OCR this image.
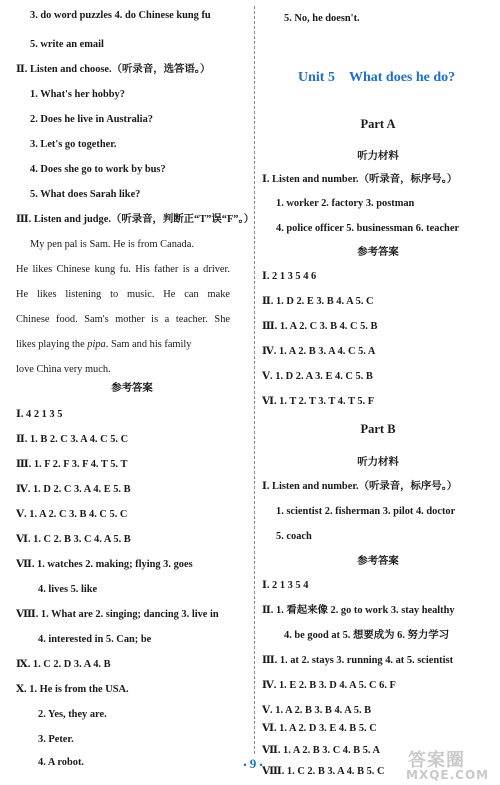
3. do word puzzles 4. do Chinese kung fu
5. write an email
Ⅱ. Listen and choose.（听录音，选答语。）
1. What's her hobby?
2. Does he live in Australia?
3. Let's go together.
4. Does she go to work by bus?
5. What does Sarah like?
Ⅲ. Listen and judge.（听录音，判断正“T”误“F”。）
My pen pal is Sam. He is from Canada.
He likes Chinese kung fu. His father is a driver.
He likes listening to music. He can make
Chinese food. Sam's mother is a teacher. She
likes playing the pipa. Sam and his family
love China very much.
参考答案
Ⅰ. 4 2 1 3 5
Ⅱ. 1. B 2. C 3. A 4. C 5. C
Ⅲ. 1. F 2. F 3. F 4. T 5. T
Ⅳ. 1. D 2. C 3. A 4. E 5. B
Ⅴ. 1. A 2. C 3. B 4. C 5. C
Ⅵ. 1. C 2. B 3. C 4. A 5. B
Ⅶ. 1. watches 2. making; flying 3. goes
4. lives 5. like
Ⅷ. 1. What are 2. singing; dancing 3. live in
4. interested in 5. Can; be
Ⅸ. 1. C 2. D 3. A 4. B
Ⅹ. 1. He is from the USA.
2. Yes, they are.
3. Peter.
4. A robot.
5. No, he doesn't.
Unit 5 What does he do?
Part A
听力材料
Ⅰ. Listen and number.（听录音，标序号。）
1. worker 2. factory 3. postman
4. police officer 5. businessman 6. teacher
参考答案
Ⅰ. 2 1 3 5 4 6
Ⅱ. 1. D 2. E 3. B 4. A 5. C
Ⅲ. 1. A 2. C 3. B 4. C 5. B
Ⅳ. 1. A 2. B 3. A 4. C 5. A
Ⅴ. 1. D 2. A 3. E 4. C 5. B
Ⅵ. 1. T 2. T 3. T 4. T 5. F
Part B
听力材料
Ⅰ. Listen and number.（听录音，标序号。）
1. scientist 2. fisherman 3. pilot 4. doctor
5. coach
参考答案
Ⅰ. 2 1 3 5 4
Ⅱ. 1. 看起来像 2. go to work 3. stay healthy
4. be good at 5. 想要成为 6. 努力学习
Ⅲ. 1. at 2. stays 3. running 4. at 5. scientist
Ⅳ. 1. E 2. B 3. D 4. A 5. C 6. F
Ⅴ. 1. A 2. B 3. B 4. A 5. B
Ⅵ. 1. A 2. D 3. E 4. B 5. C
Ⅶ. 1. A 2. B 3. C 4. B 5. A
Ⅷ. 1. C 2. B 3. A 4. B 5. C
• 9 •	答案圈
MXQE.COM
